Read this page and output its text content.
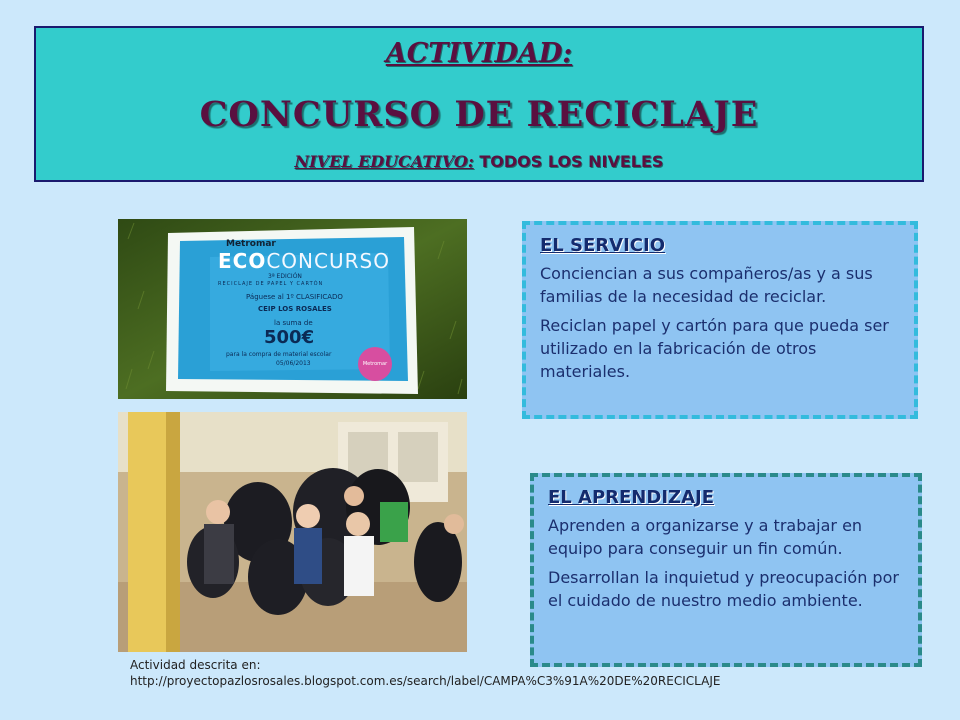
ACTIVIDAD:
CONCURSO DE RECICLAJE
NIVEL EDUCATIVO: TODOS LOS NIVELES
Metromar
ECOCONCURSO
3ª EDICIÓN
RECICLAJE DE PAPEL Y CARTÓN
Páguese al 1º CLASIFICADO
CEIP LOS ROSALES
la suma de
500€
para la compra de material escolar
05/06/2013	Metromar
EL SERVICIO

Conciencian a sus compañeros/as y a sus familias de la necesidad de reciclar.

Reciclan papel y cartón para que pueda ser utilizado en la fabricación de otros materiales.

EL APRENDIZAJE

Aprenden a organizarse y a trabajar en equipo para conseguir un fin común.

Desarrollan la inquietud y preocupación por el cuidado de nuestro medio ambiente.

Actividad descrita en:
http://proyectopazlosrosales.blogspot.com.es/search/label/CAMPA%C3%91A%20DE%20RECICLAJE
